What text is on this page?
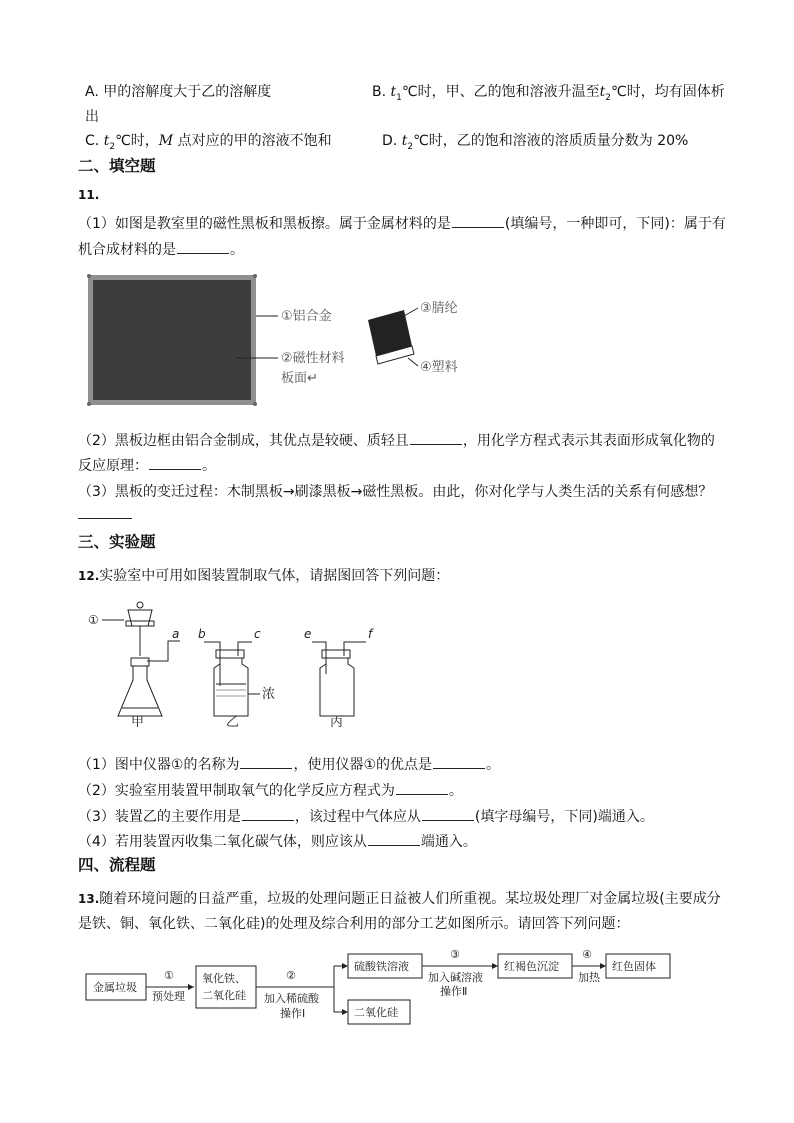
A. 甲的溶解度大于乙的溶解度	B. $t_1℃$时，甲、乙的饱和溶液升温至$t_2℃$时，均有固体析
出
C. $t_2℃$时，M 点对应的甲的溶液不饱和	D. $t_2℃$时，乙的饱和溶液的溶质质量分数为 20%
二、填空题
11.
（1）如图是教室里的磁性黑板和黑板擦。属于金属材料的是	(填编号，一种即可，下同)：属于有
机合成材料的是	。
①铝合金
②磁性材料
板面↵
③腈纶
④塑料
（2）黑板边框由铝合金制成，其优点是较硬、质轻且	，用化学方程式表示其表面形成氧化物的
反应原理：	。
（3）黑板的变迁过程：木制黑板→刷漆黑板→磁性黑板。由此，你对化学与人类生活的关系有何感想？
三、实验题
12.实验室中可用如图装置制取气体，请据图回答下列问题：
①
a
甲
b	c
浓
乙
e	f
丙
（1）图中仪器①的名称为	，使用仪器①的优点是	。
（2）实验室用装置甲制取氧气的化学反应方程式为	。
（3）装置乙的主要作用是	，该过程中气体应从	(填字母编号，下同)端通入。
（4）若用装置丙收集二氧化碳气体，则应该从	端通入。
四、流程题
13.随着环境问题的日益严重，垃圾的处理问题正日益被人们所重视。某垃圾处理厂对金属垃圾(主要成分
是铁、铜、氧化铁、二氧化硅)的处理及综合利用的部分工艺如图所示。请回答下列问题：
金属垃圾
①
预处理
氧化铁、
二氧化硅
②
加入稀硫酸
操作Ⅰ
硫酸铁溶液
二氧化硅
③
加入碱溶液
操作Ⅱ
红褐色沉淀
④
加热
红色固体
